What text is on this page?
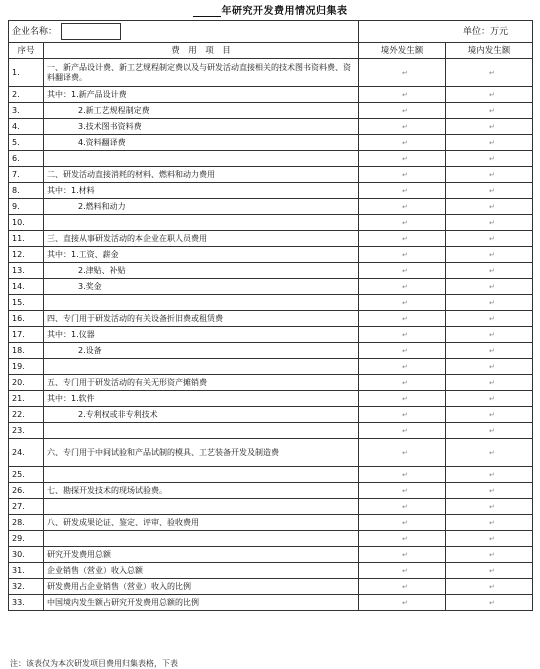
年研究开发费用情况归集表
企业名称：		单位：万元	
序号	费　用　项　目	境外发生额	境内发生额
1.	一、新产品设计费、新工艺规程制定费以及与研发活动直接相关的技术图书资料费、资料翻译费。	↵	↵
2.	其中：1.新产品设计费	↵	↵
3.	2.新工艺规程制定费	↵	↵
4.	3.技术图书资料费	↵	↵
5.	4.资料翻译费	↵	↵
6.		↵	↵
7.	二、研发活动直接消耗的材料、燃料和动力费用	↵	↵
8.	其中：1.材料	↵	↵
9.	2.燃料和动力	↵	↵
10.		↵	↵
11.	三、直接从事研发活动的本企业在职人员费用	↵	↵
12.	其中：1.工资、薪金	↵	↵
13.	2.津贴、补贴	↵	↵
14.	3.奖金	↵	↵
15.		↵	↵
16.	四、专门用于研发活动的有关设备折旧费或租赁费	↵	↵
17.	其中：1.仪器	↵	↵
18.	2.设备	↵	↵
19.		↵	↵
20.	五、专门用于研发活动的有关无形资产摊销费	↵	↵
21.	其中：1.软件	↵	↵
22.	2.专利权或非专利技术	↵	↵
23.		↵	↵
24.	六、专门用于中间试验和产品试制的模具、工艺装备开发及制造费	↵	↵
25.		↵	↵
26.	七、勘探开发技术的现场试验费。	↵	↵
27.		↵	↵
28.	八、研发成果论证、鉴定、评审、验收费用	↵	↵
29.		↵	↵
30.	研究开发费用总额	↵	↵
31.	企业销售（营业）收入总额	↵	↵
32.	研发费用占企业销售（营业）收入的比例	↵	↵
33.	中国境内发生额占研究开发费用总额的比例	↵	↵
注：该表仅为本次研发项目费用归集表格，下表
